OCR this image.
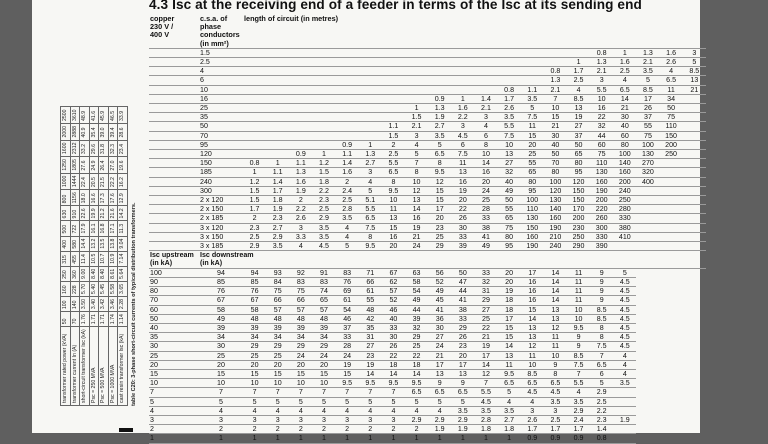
4.3 Isc at the receiving end of a feeder in terms of the Isc at its sending end
transformer rated power (kVA)	50	100	160	250	315	400	500	630	800	1000	1250	1600	2000	2500
transformer current In (A)	70	140	228	360	455	580	722	910	1156	1444	1805	2312	2888	3610
short-circuit transformer Isc (kA)	1.76	3.50	5.70	9.00	11.4	14.4	17.9	22.6	18.0	22.4	27.6	33.2	40.9	48.9
Psc = 250 MVA	1.71	3.40	5.40	8.40	10.5	13.2	16.1	19.9	16.6	20.5	24.9	29.6	35.4	41.6
Psc = 500 MVA	1.71	3.42	5.45	8.40	10.7	13.5	16.8	21.2	17.3	21.5	26.4	31.8	39.0	45.9
Psc = 1000 MVA	1.74	3.46	5.58	8.61	10.9	13.8	17.1	21.6	17.6	22.2	27.0	32.3	39.4	46.5
cast resin transformer Isc (kA)	1.14	2.28	3.65	5.64	7.14	9.04	11.3	14.2	12.9	16.2	19.6	23.4	28.6	33.9
table C20: 3-phase short-circuit currents of typical distribution transformers.
copper	c.s.a. of	length of circuit (in metres)																			
230 V /	phase																				
400 V	conductors																				
	(in mm²)																				
	1.5																0.8	1	1.3	1.6	3
	2.5															1	1.3	1.6	2.1	2.6	5
	4														0.8	1.7	2.1	2.5	3.5	4	8.5
	6														1.3	2.5	3	4	5	6.5	13
	10												0.8	1.1	2.1	4	5.5	6.5	8.5	11	21
	16									0.9	1	1.4	1.7	3.5	7	8.5	10	14	17	34	
	25								1	1.3	1.6	2.1	2.6	5	10	13	16	21	26	50	
	35								1.5	1.9	2.2	3	3.5	7.5	15	19	22	30	37	75	
	50							1.1	2.1	2.7	3	4	5.5	11	21	27	32	40	55	110	
	70							1.5	3	3.5	4.5	6	7.5	15	30	37	44	60	75	150	
	95					0.9	1	2	4	5	6	8	10	20	40	50	60	80	100	200	
	120			0.9	1	1.1	1.3	2.5	5	6.5	7.5	10	13	25	50	65	75	100	130	250	
	150	0.8	1	1.1	1.2	1.4	2.7	5.5	7	8	11	14	27	55	70	80	110	140	270		
	185	1	1.1	1.3	1.5	1.6	3	6.5	8	9.5	13	16	32	65	80	95	130	160	320		
	240	1.2	1.4	1.6	1.8	2	4	8	10	12	16	20	40	80	100	120	160	200	400		
	300	1.5	1.7	1.9	2.2	2.4	5	9.5	12	15	19	24	49	95	120	150	190	240			
	2 x 120	1.5	1.8	2	2.3	2.5	5.1	10	13	15	20	25	50	100	130	150	200	250			
	2 x 150	1.7	1.9	2.2	2.5	2.8	5.5	11	14	17	22	28	55	110	140	170	220	280			
	2 x 185	2	2.3	2.6	2.9	3.5	6.5	13	16	20	26	33	65	130	160	200	260	330			
	3 x 120	2.3	2.7	3	3.5	4	7.5	15	19	23	30	38	75	150	190	230	300	380			
	3 x 150	2.5	2.9	3.3	3.5	4	8	16	21	25	33	41	80	160	210	250	330	410			
	3 x 185	2.9	3.5	4	4.5	5	9.5	20	24	29	39	49	95	190	240	290	390				
Isc upstream	Isc downstream																				
(in kA)	(in kA)																				
100	94	94	93	92	91	83	71	67	63	56	50	33	20	17	14	11	9	5			
90	85	85	84	83	83	76	66	62	58	52	47	32	20	16	14	11	9	4.5			
80	76	76	75	75	74	69	61	57	54	49	44	31	19	16	14	11	9	4.5			
70	67	67	66	66	65	61	55	52	49	45	41	29	18	16	14	11	9	4.5			
60	58	58	57	57	57	54	48	46	44	41	38	27	18	15	13	10	8.5	4.5			
50	49	48	48	48	48	46	42	40	39	36	33	25	17	14	13	10	8.5	4.5			
40	39	39	39	39	39	37	35	33	32	30	29	22	15	13	12	9.5	8	4.5			
35	34	34	34	34	34	33	31	30	29	27	26	21	15	13	11	9	8	4.5			
30	30	29	29	29	29	28	27	26	25	24	23	19	14	12	11	9	7.5	4.5			
25	25	25	25	24	24	24	23	22	22	21	20	17	13	11	10	8.5	7	4			
20	20	20	20	20	20	19	19	18	18	17	17	14	11	10	9	7.5	6.5	4			
15	15	15	15	15	15	15	14	14	14	13	13	12	9.5	8.5	8	7	6	4			
10	10	10	10	10	10	9.5	9.5	9.5	9.5	9	9	7	6.5	6.5	6.5	5.5	5	3.5			
7	7	7	7	7	7	7	7	7	6.5	6.5	6.5	5.5	5	4.5	4.5	4	2.9				
5	5	5	5	5	5	5	5	5	5	5	5	4.5	4	4	3.5	3.5	2.5				
4	4	4	4	4	4	4	4	4	4	4	3.5	3.5	3.5	3	3	2.9	2.2				
3	3	3	3	3	3	3	3	3	2.9	2.9	2.9	2.8	2.7	2.6	2.5	2.4	2.3	1.9			
2	2	2	2	2	2	2	2	2	2	1.9	1.9	1.8	1.8	1.7	1.7	1.7	1.4				
1	1	1	1	1	1	1	1	1	1	1	1	1	1	0.9	0.9	0.9	0.8				
